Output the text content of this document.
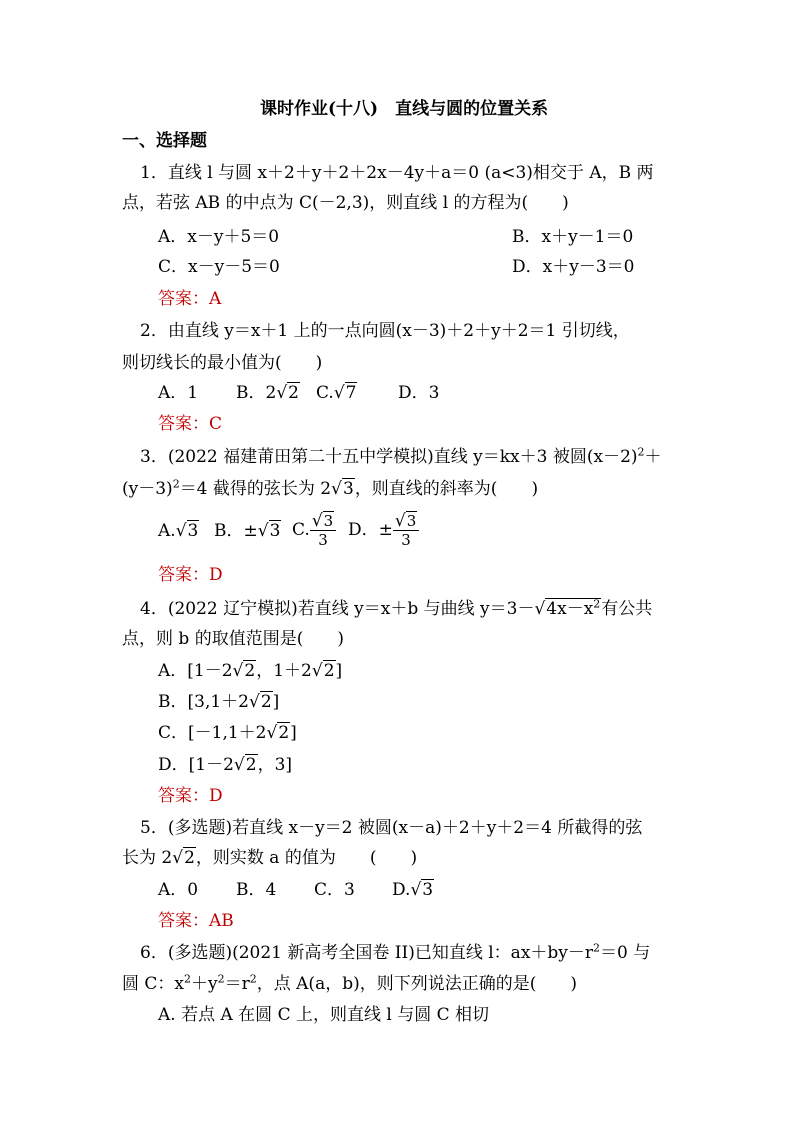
课时作业(十八)　直线与圆的位置关系
一、选择题
1．直线 l 与圆 x＋2＋y＋2＋2x－4y＋a＝0 (a<3)相交于 A，B 两
点，若弦 AB 的中点为 C(－2,3)，则直线 l 的方程为(　　)
A．x－y＋5＝0	B．x＋y－1＝0
C．x－y－5＝0	D．x＋y－3＝0
答案：A
2．由直线 y＝x＋1 上的一点向圆(x－3)＋2＋y＋2＝1 引切线，
则切线长的最小值为(　　)
A．1 B．2√2 C.√7 D．3
答案：C
3．(2022 福建莆田第二十五中学模拟)直线 y＝kx＋3 被圆$(x-2)^2+$
$(y-3)^2=4$ 截得的弦长为 2√3，则直线的斜率为(　　)
A.√3 B．±√3 C. $\frac{√3}{3}$ D．± $\frac{√3}{3}$
答案：D
4．(2022 辽宁模拟)若直线 y＝x＋b 与曲线 $y=3-√4x-x^2$有公共
点，则 b 的取值范围是(　　)
A．[1－2√2，1＋2√2]
B．[3,1＋2√2]
C．[－1,1＋2√2]
D．[1－2√2，3]
答案：D
5．(多选题)若直线 x－y＝2 被圆(x－a)＋2＋y＋2＝4 所截得的弦
长为 2√2，则实数 a 的值为　　(　　)
A．0 B．4 C．3 D.√3
答案：AB
6．(多选题)(2021 新高考全国卷 II)已知直线 l：$ax+by-r^2=0$ 与
圆 C：$x^2+y^2=r^2$，点 A(a，b)，则下列说法正确的是(　　)
A. 若点 A 在圆 C 上，则直线 l 与圆 C 相切
